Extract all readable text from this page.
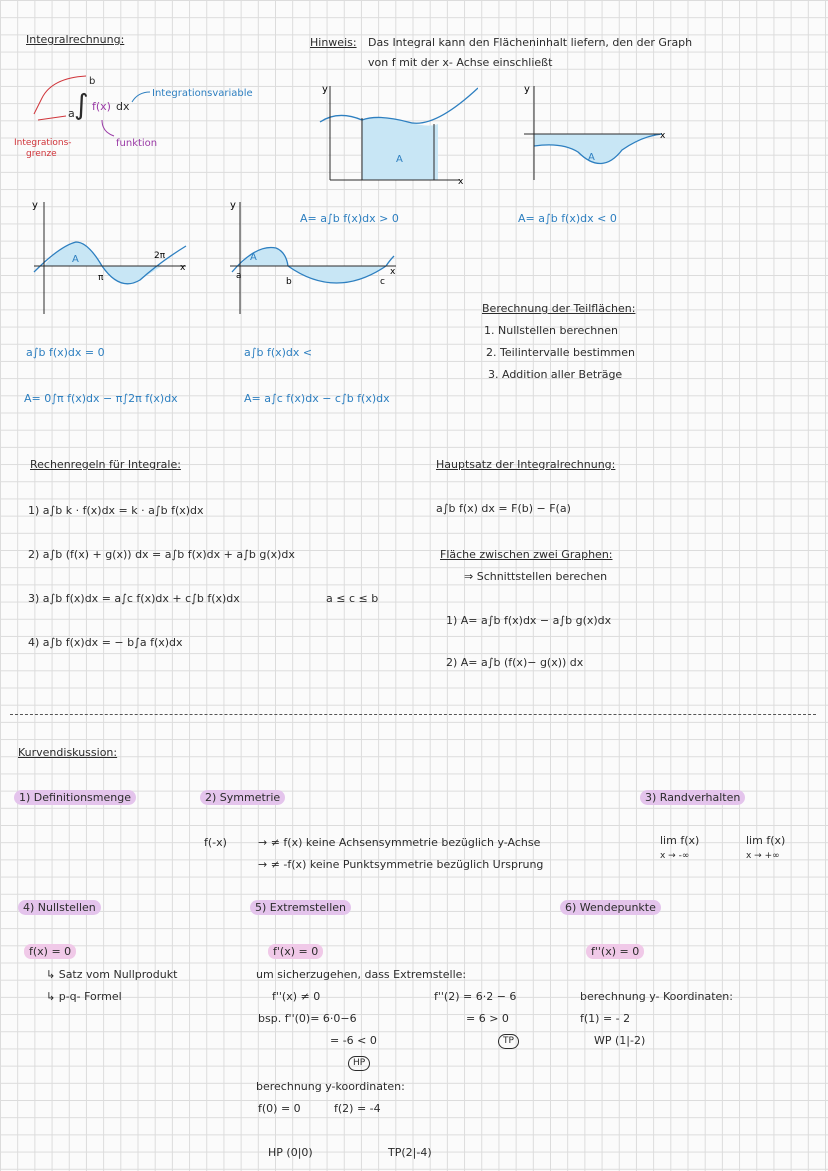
Integralrechnung:
a ∫
b
f(x) dx
Integrationsvariable
funktion
Integrations-
grenze
Hinweis: Das Integral kann den Flächeninhalt liefern, den der Graph
von f mit der x- Achse einschließt
y
x
A
y
x
A
y
x
A
π
2π
y
x
A
a
b	c
A= a∫b f(x)dx > 0	A= a∫b f(x)dx < 0
a∫b f(x)dx = 0
A= 0∫π f(x)dx − π∫2π f(x)dx
a∫b f(x)dx <
A= a∫c f(x)dx − c∫b f(x)dx
Berechnung der Teilflächen:
1. Nullstellen berechnen
2. Teilintervalle bestimmen
3. Addition aller Beträge
Rechenregeln für Integrale:
1) a∫b k · f(x)dx = k · a∫b f(x)dx
2) a∫b (f(x) + g(x)) dx = a∫b f(x)dx + a∫b g(x)dx
3) a∫b f(x)dx = a∫c f(x)dx + c∫b f(x)dx	a ≤ c ≤ b
4) a∫b f(x)dx = − b∫a f(x)dx
Hauptsatz der Integralrechnung:
a∫b f(x) dx = F(b) − F(a)
Fläche zwischen zwei Graphen:
⇒ Schnittstellen berechen
1) A= a∫b f(x)dx − a∫b g(x)dx
2) A= a∫b (f(x)− g(x)) dx
Kurvendiskussion:
1) Definitionsmenge	2) Symmetrie	3) Randverhalten
f(-x)	→ ≠ f(x) keine Achsensymmetrie bezüglich y-Achse
→ ≠ -f(x) keine Punktsymmetrie bezüglich Ursprung
lim f(x)
x → -∞
lim f(x)
x → +∞
4) Nullstellen	5) Extremstellen	6) Wendepunkte
f(x) = 0
↳ Satz vom Nullprodukt
↳ p-q- Formel
f'(x) = 0
um sicherzugehen, dass Extremstelle:
f''(x) ≠ 0
bsp. f''(0)= 6·0−6
= -6 < 0
HP
f''(2) = 6·2 − 6
= 6 > 0
TP
berechnung y-koordinaten:
f(0) = 0	f(2) = -4
HP (0|0)	TP(2|-4)
f''(x) = 0
berechnung y- Koordinaten:
f(1) = - 2
WP (1|-2)
